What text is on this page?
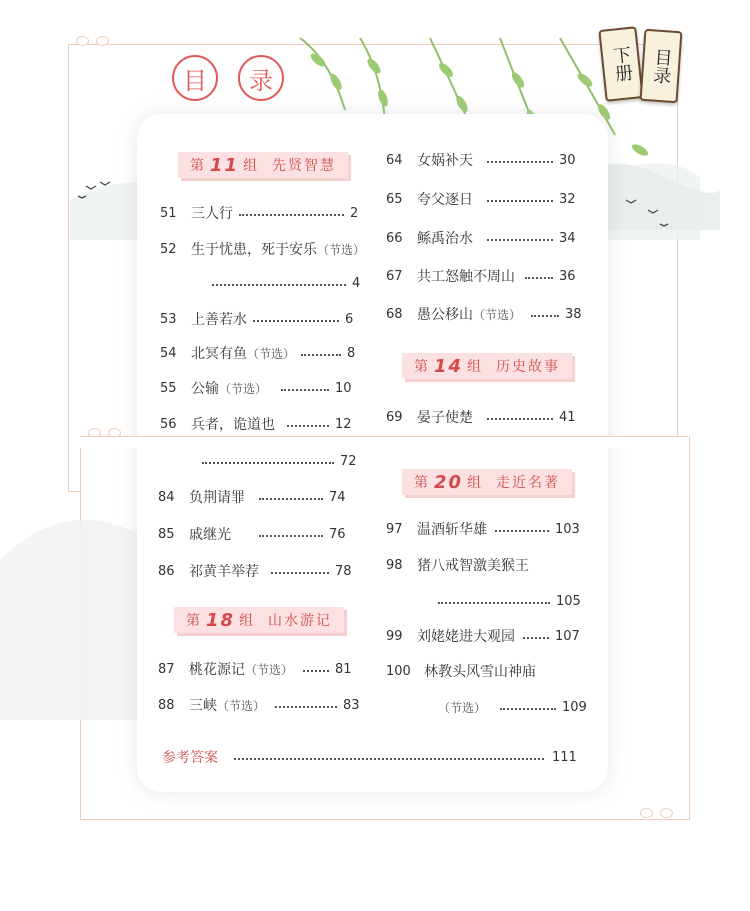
目	录	下册 目录
第 11 组
先贤智慧
第 14 组
历史故事
第 18 组
山水游记
第 20 组
走近名著
51	三人行	2
52	生于忧患，死于安乐 （节选）
4
53	上善若水	6
54	北冥有鱼 （节选）	8
55	公输 （节选）	10
56	兵者，诡道也	12
64	女娲补天	30
65	夸父逐日	32
66	鲧禹治水	34
67	共工怒触不周山	36
68	愚公移山 （节选）	38
69	晏子使楚	41
72
84	负荆请罪	74
85	戚继光	76
86	祁黄羊举荐	78
87	桃花源记 （节选）	81
88	三峡 （节选）	83
97	温酒斩华雄	103
98	猪八戒智激美猴王
105
99	刘姥姥进大观园	107
100 林教头风雪山神庙
（节选）	109
参考答案	111
